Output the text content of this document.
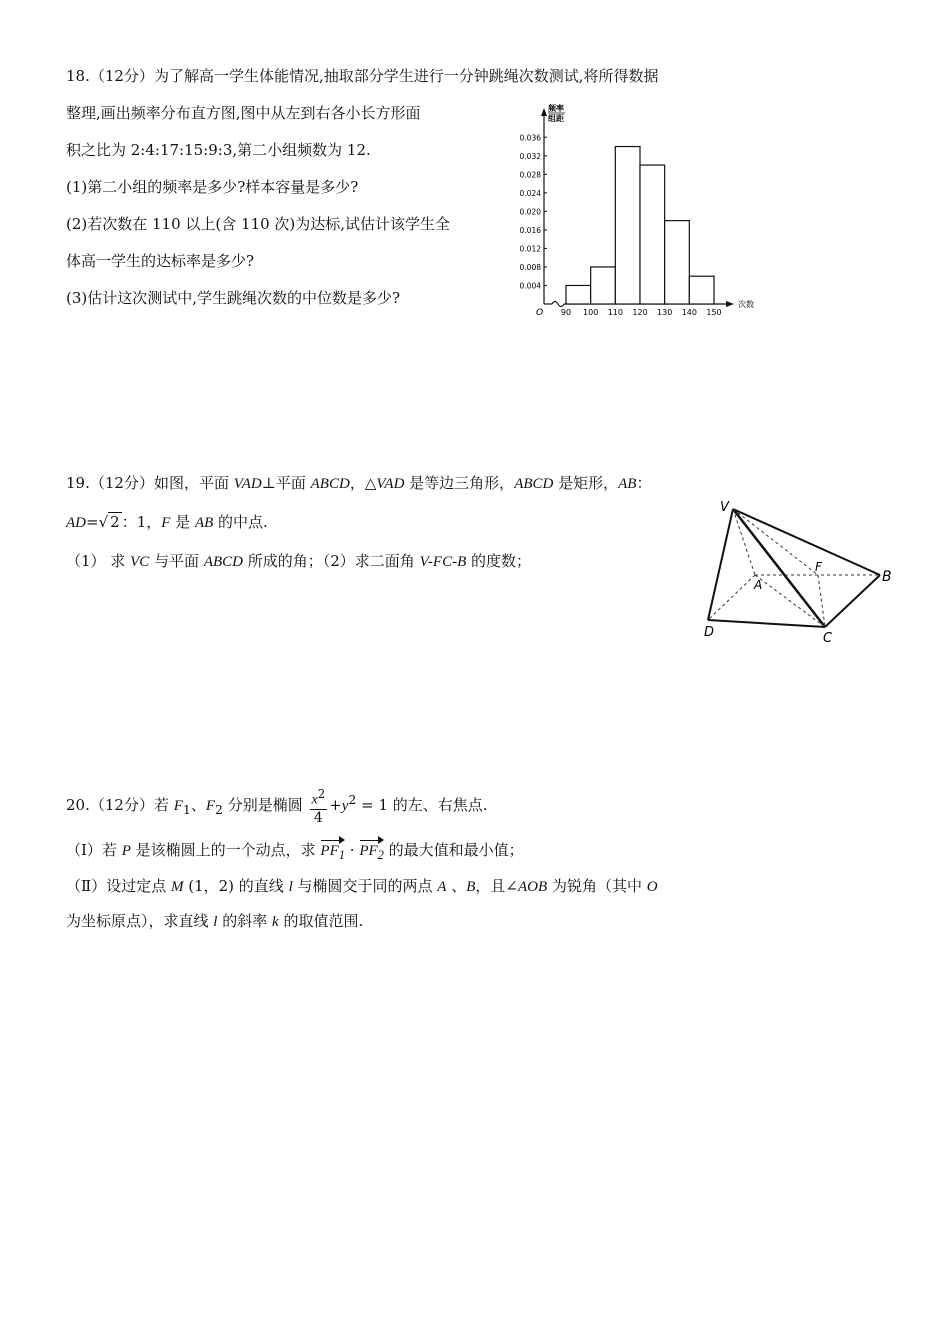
18.（12分）为了解高一学生体能情况,抽取部分学生进行一分钟跳绳次数测试,将所得数据
整理,画出频率分布直方图,图中从左到右各小长方形面
积之比为 2:4:17:15:9:3,第二小组频数为 12.
(1)第二小组的频率是多少?样本容量是多少?
(2)若次数在 110 以上(含 110 次)为达标,试估计该学生全
体高一学生的达标率是多少?
(3)估计这次测试中,学生跳绳次数的中位数是多少?
0.004
0.008
0.012
0.016
0.020
0.024
0.028
0.032
0.036
90 100 110 120 130 140 150
O
次数
频率
组距
19.（12分）如图，平面 VAD⊥平面 ABCD，△VAD 是等边三角形，ABCD 是矩形，AB：
AD=√ 2 ：1，F 是 AB 的中点.
（1） 求 VC 与平面 ABCD 所成的角；（2）求二面角 V-FC-B 的度数；
V
A
F
B
D	C
20.（12分）若 $F_1$、$F_2$ 分别是椭圆 $\frac{x^2}{4} +y^2 = 1$ 的左、右焦点.
（Ⅰ）若 P 是该椭圆上的一个动点，求 $PF_1 \cdot PF_2$ 的最大值和最小值；
（Ⅱ）设过定点 M (1，2) 的直线 l 与椭圆交于同的两点 A 、B，且∠AOB 为锐角（其中 O
为坐标原点），求直线 l 的斜率 k 的取值范围.
